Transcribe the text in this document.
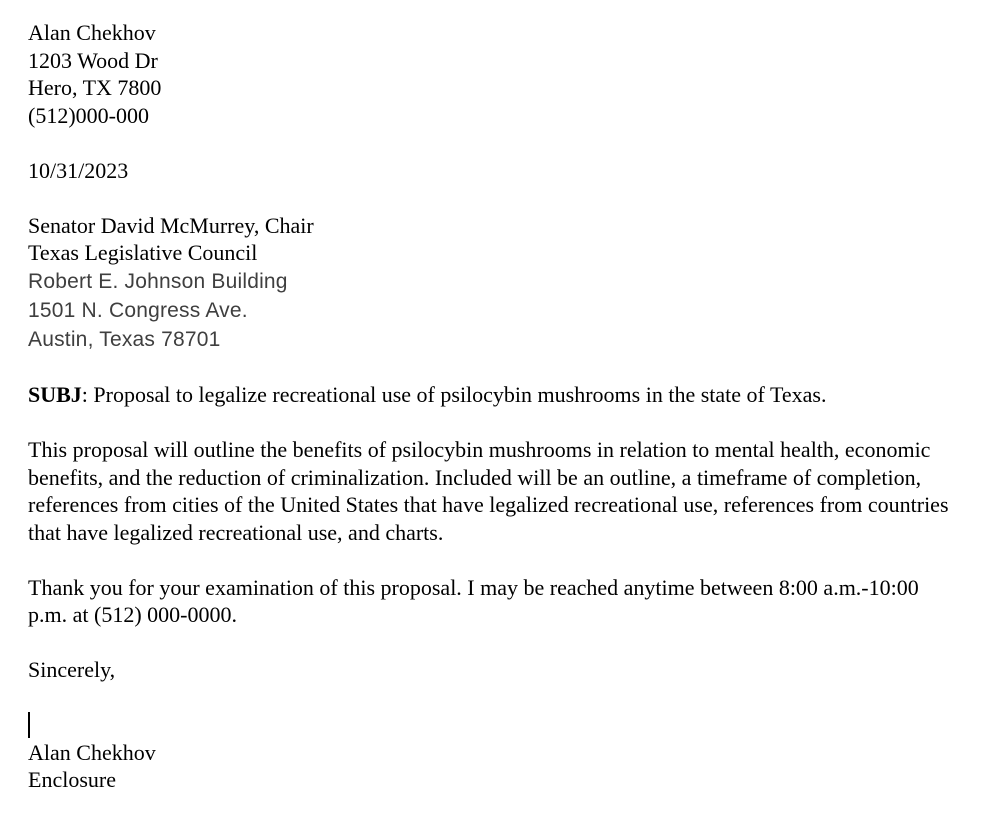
Alan Chekhov
1203 Wood Dr
Hero, TX 7800
(512)000-000
10/31/2023
Senator David McMurrey, Chair
Texas Legislative Council
Robert E. Johnson Building
1501 N. Congress Ave.
Austin, Texas 78701
SUBJ: Proposal to legalize recreational use of psilocybin mushrooms in the state of Texas.
This proposal will outline the benefits of psilocybin mushrooms in relation to mental health, economic benefits, and the reduction of criminalization. Included will be an outline, a timeframe of completion, references from cities of the United States that have legalized recreational use, references from countries that have legalized recreational use, and charts.
Thank you for your examination of this proposal. I may be reached anytime between 8:00 a.m.-10:00 p.m. at (512) 000-0000.
Sincerely,
Alan Chekhov
Enclosure
